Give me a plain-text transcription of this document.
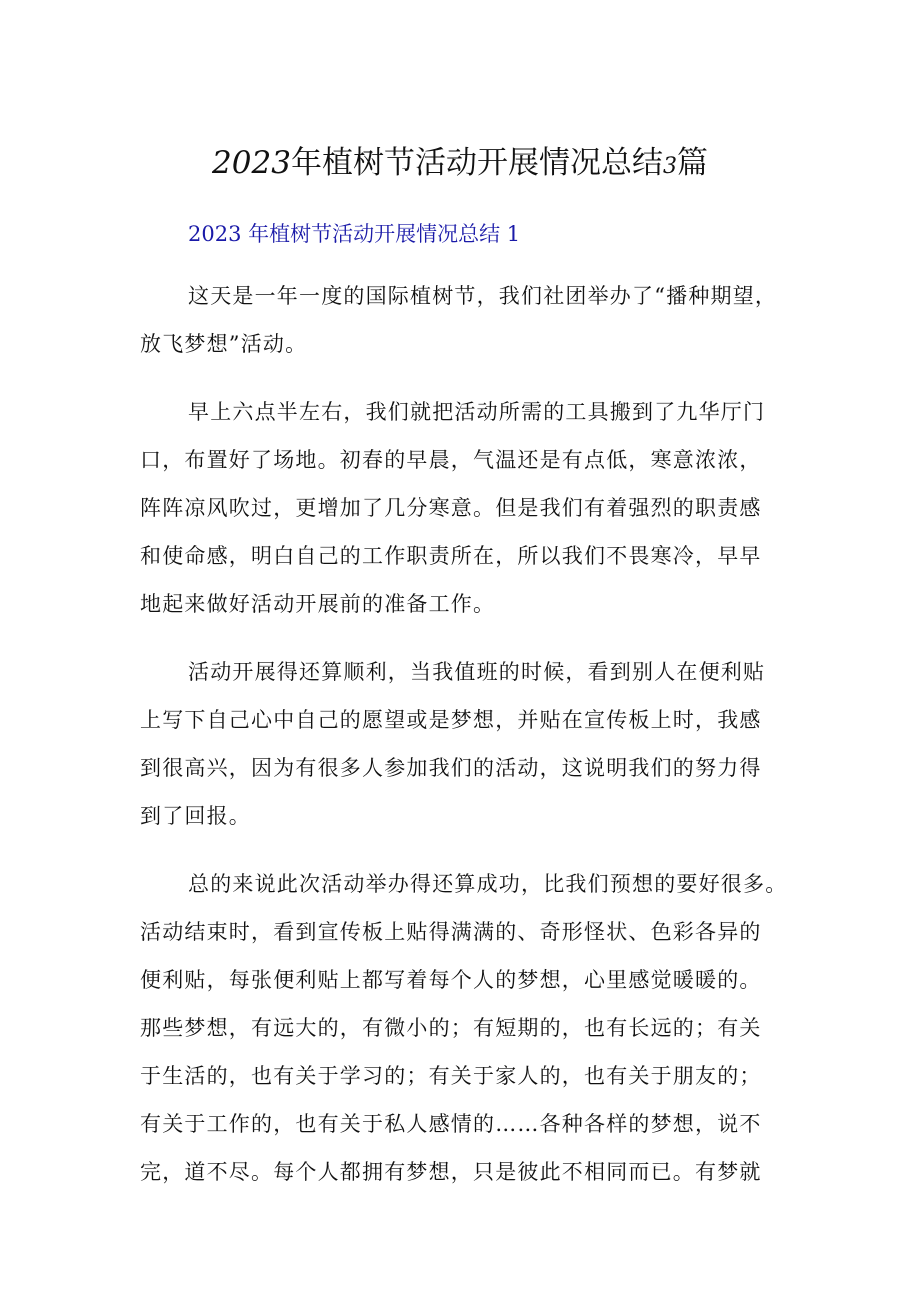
2023年植树节活动开展情况总结3篇
2023 年植树节活动开展情况总结 1

这天是一年一度的国际植树节，我们社团举办了“播种期望，
放飞梦想”活动。

早上六点半左右，我们就把活动所需的工具搬到了九华厅门
口，布置好了场地。初春的早晨，气温还是有点低，寒意浓浓，
阵阵凉风吹过，更增加了几分寒意。但是我们有着强烈的职责感
和使命感，明白自己的工作职责所在，所以我们不畏寒冷，早早
地起来做好活动开展前的准备工作。

活动开展得还算顺利，当我值班的时候，看到别人在便利贴
上写下自己心中自己的愿望或是梦想，并贴在宣传板上时，我感
到很高兴，因为有很多人参加我们的活动，这说明我们的努力得
到了回报。

总的来说此次活动举办得还算成功，比我们预想的要好很多。
活动结束时，看到宣传板上贴得满满的、奇形怪状、色彩各异的
便利贴，每张便利贴上都写着每个人的梦想，心里感觉暖暖的。
那些梦想，有远大的，有微小的；有短期的，也有长远的；有关
于生活的，也有关于学习的；有关于家人的，也有关于朋友的；
有关于工作的，也有关于私人感情的……各种各样的梦想，说不
完，道不尽。每个人都拥有梦想，只是彼此不相同而已。有梦就
